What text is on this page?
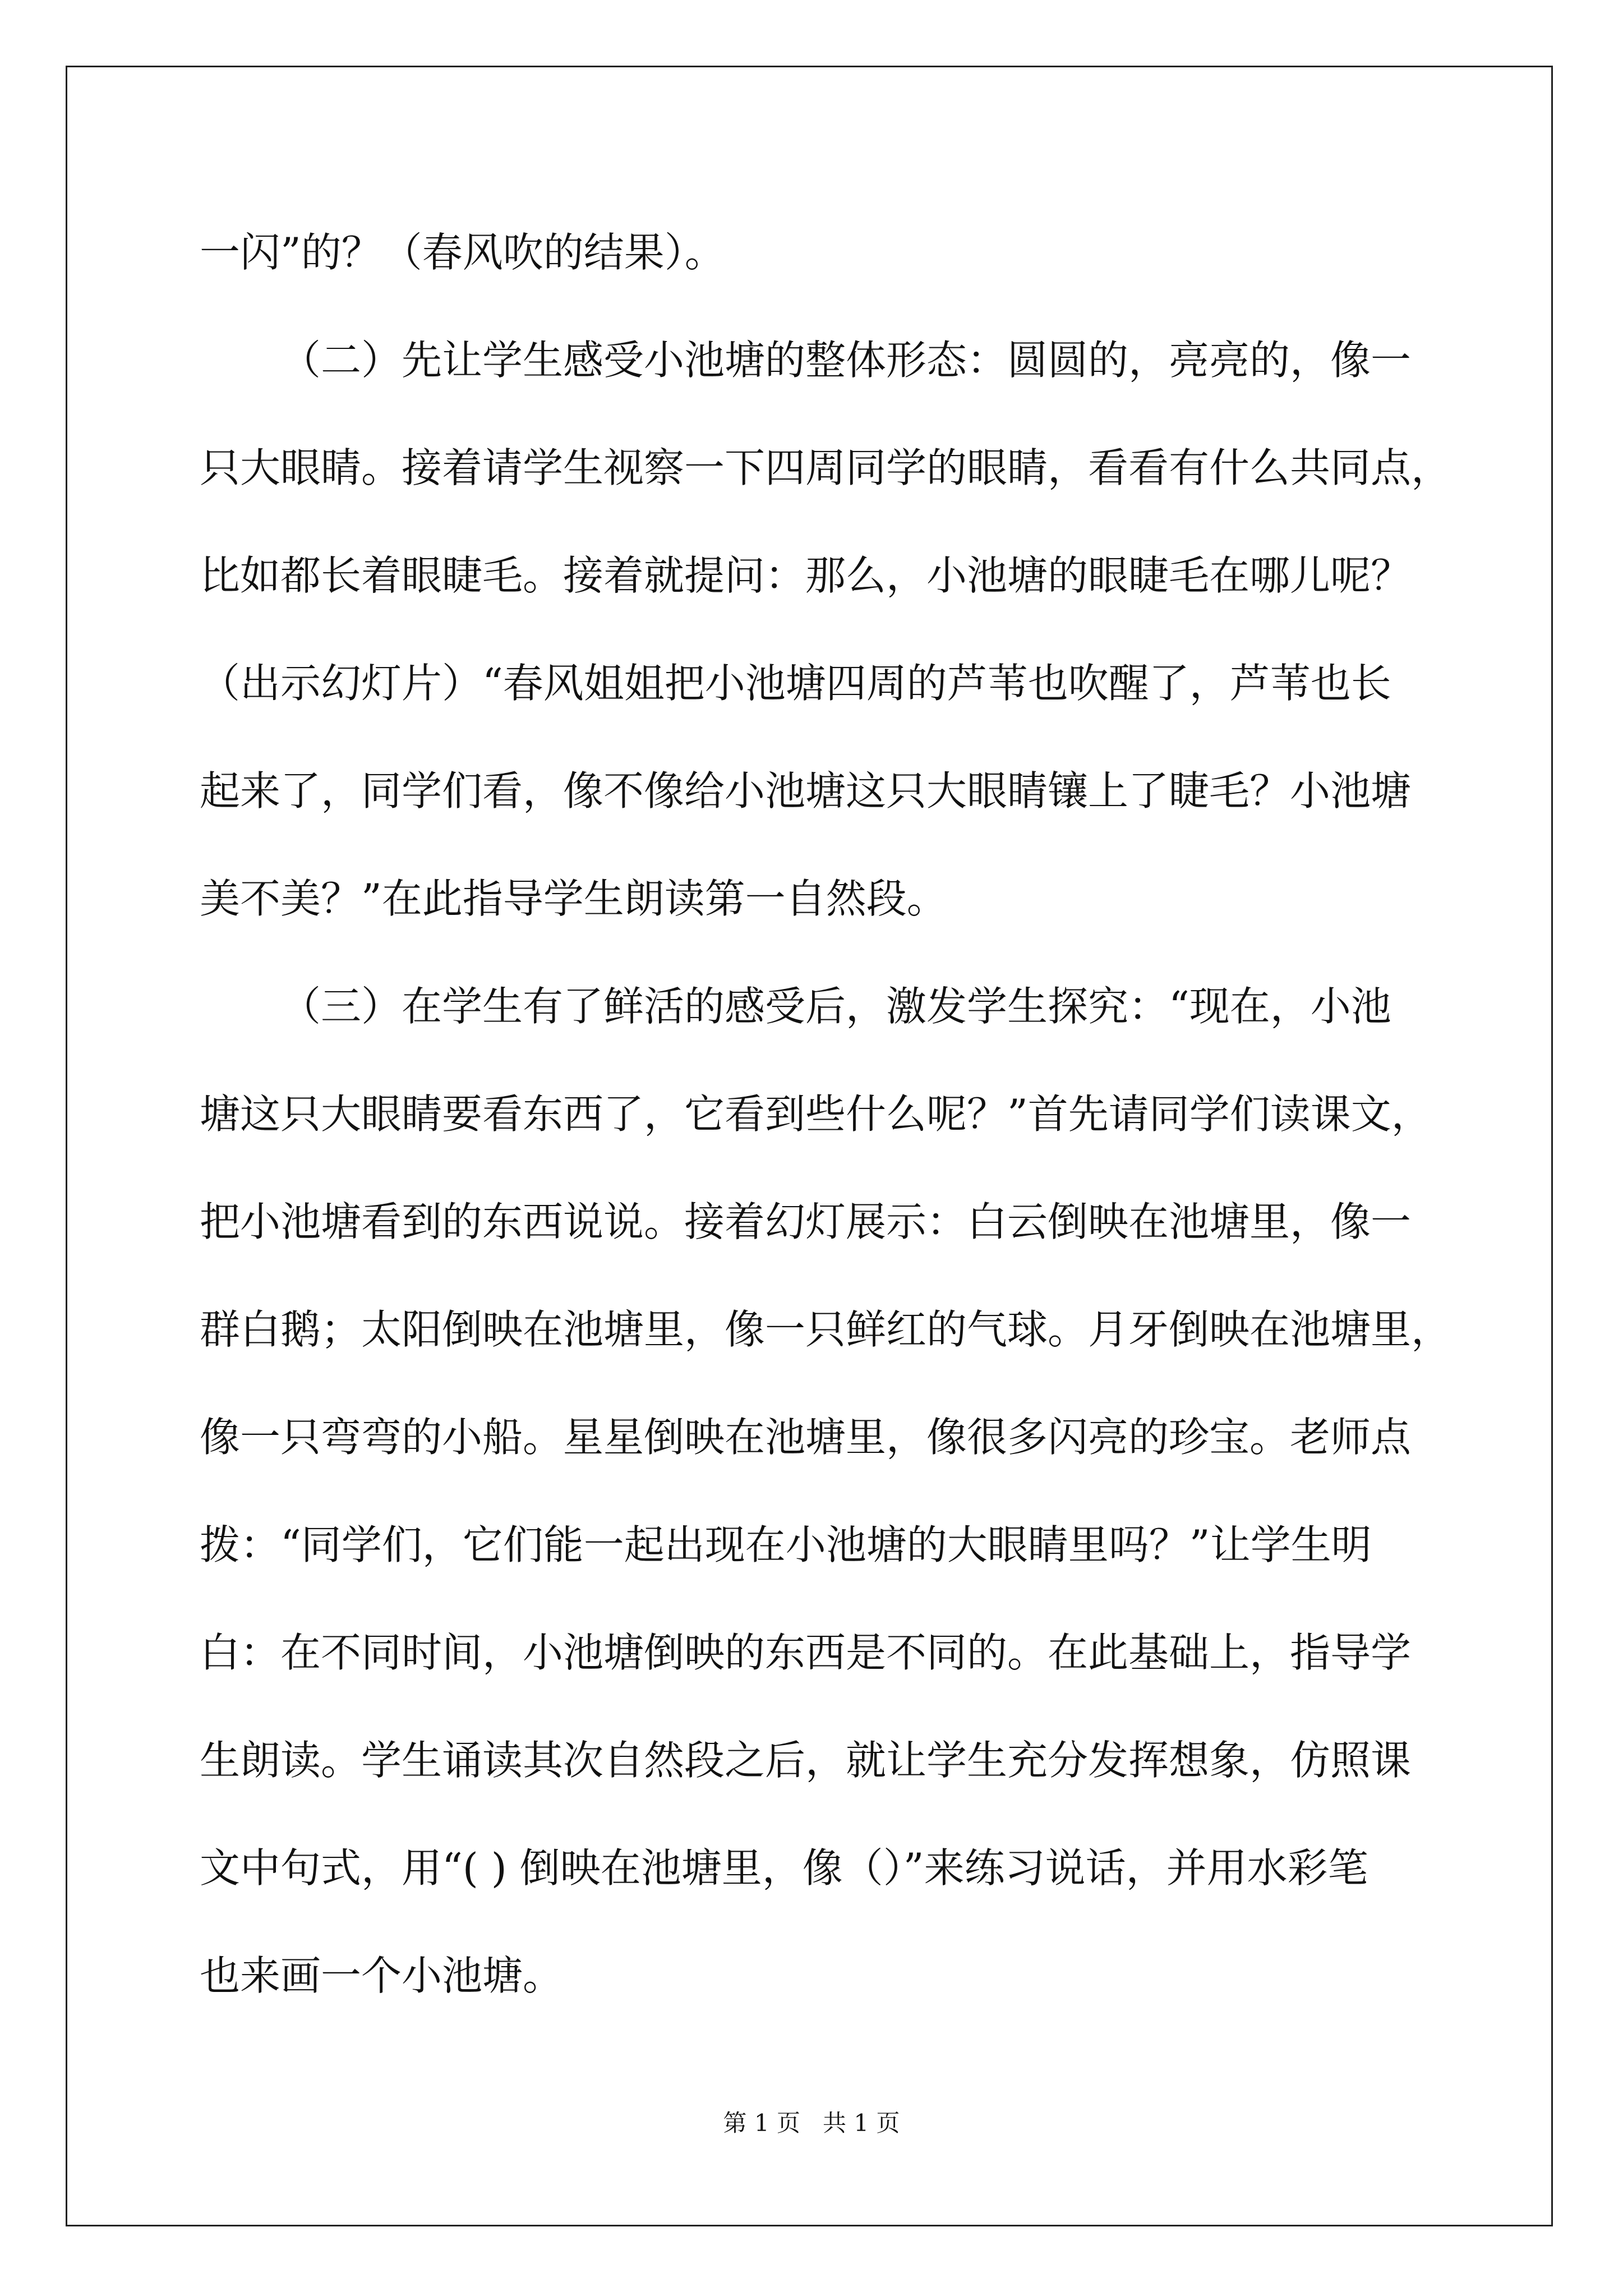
一闪”的？（春风吹的结果）。
（二）先让学生感受小池塘的整体形态：圆圆的，亮亮的，像一
只大眼睛。接着请学生视察一下四周同学的眼睛，看看有什么共同点，
比如都长着眼睫毛。接着就提问：那么，小池塘的眼睫毛在哪儿呢？
（出示幻灯片）“春风姐姐把小池塘四周的芦苇也吹醒了，芦苇也长
起来了，同学们看，像不像给小池塘这只大眼睛镶上了睫毛？小池塘
美不美？”在此指导学生朗读第一自然段。
（三）在学生有了鲜活的感受后，激发学生探究：“现在，小池
塘这只大眼睛要看东西了，它看到些什么呢？”首先请同学们读课文，
把小池塘看到的东西说说。接着幻灯展示：白云倒映在池塘里，像一
群白鹅；太阳倒映在池塘里，像一只鲜红的气球。月牙倒映在池塘里，
像一只弯弯的小船。星星倒映在池塘里，像很多闪亮的珍宝。老师点
拨：“同学们，它们能一起出现在小池塘的大眼睛里吗？”让学生明
白：在不同时间，小池塘倒映的东西是不同的。在此基础上，指导学
生朗读。学生诵读其次自然段之后，就让学生充分发挥想象，仿照课
文中句式，用“( ) 倒映在池塘里，像（）”来练习说话，并用水彩笔
也来画一个小池塘。
第 1 页   共 1 页
